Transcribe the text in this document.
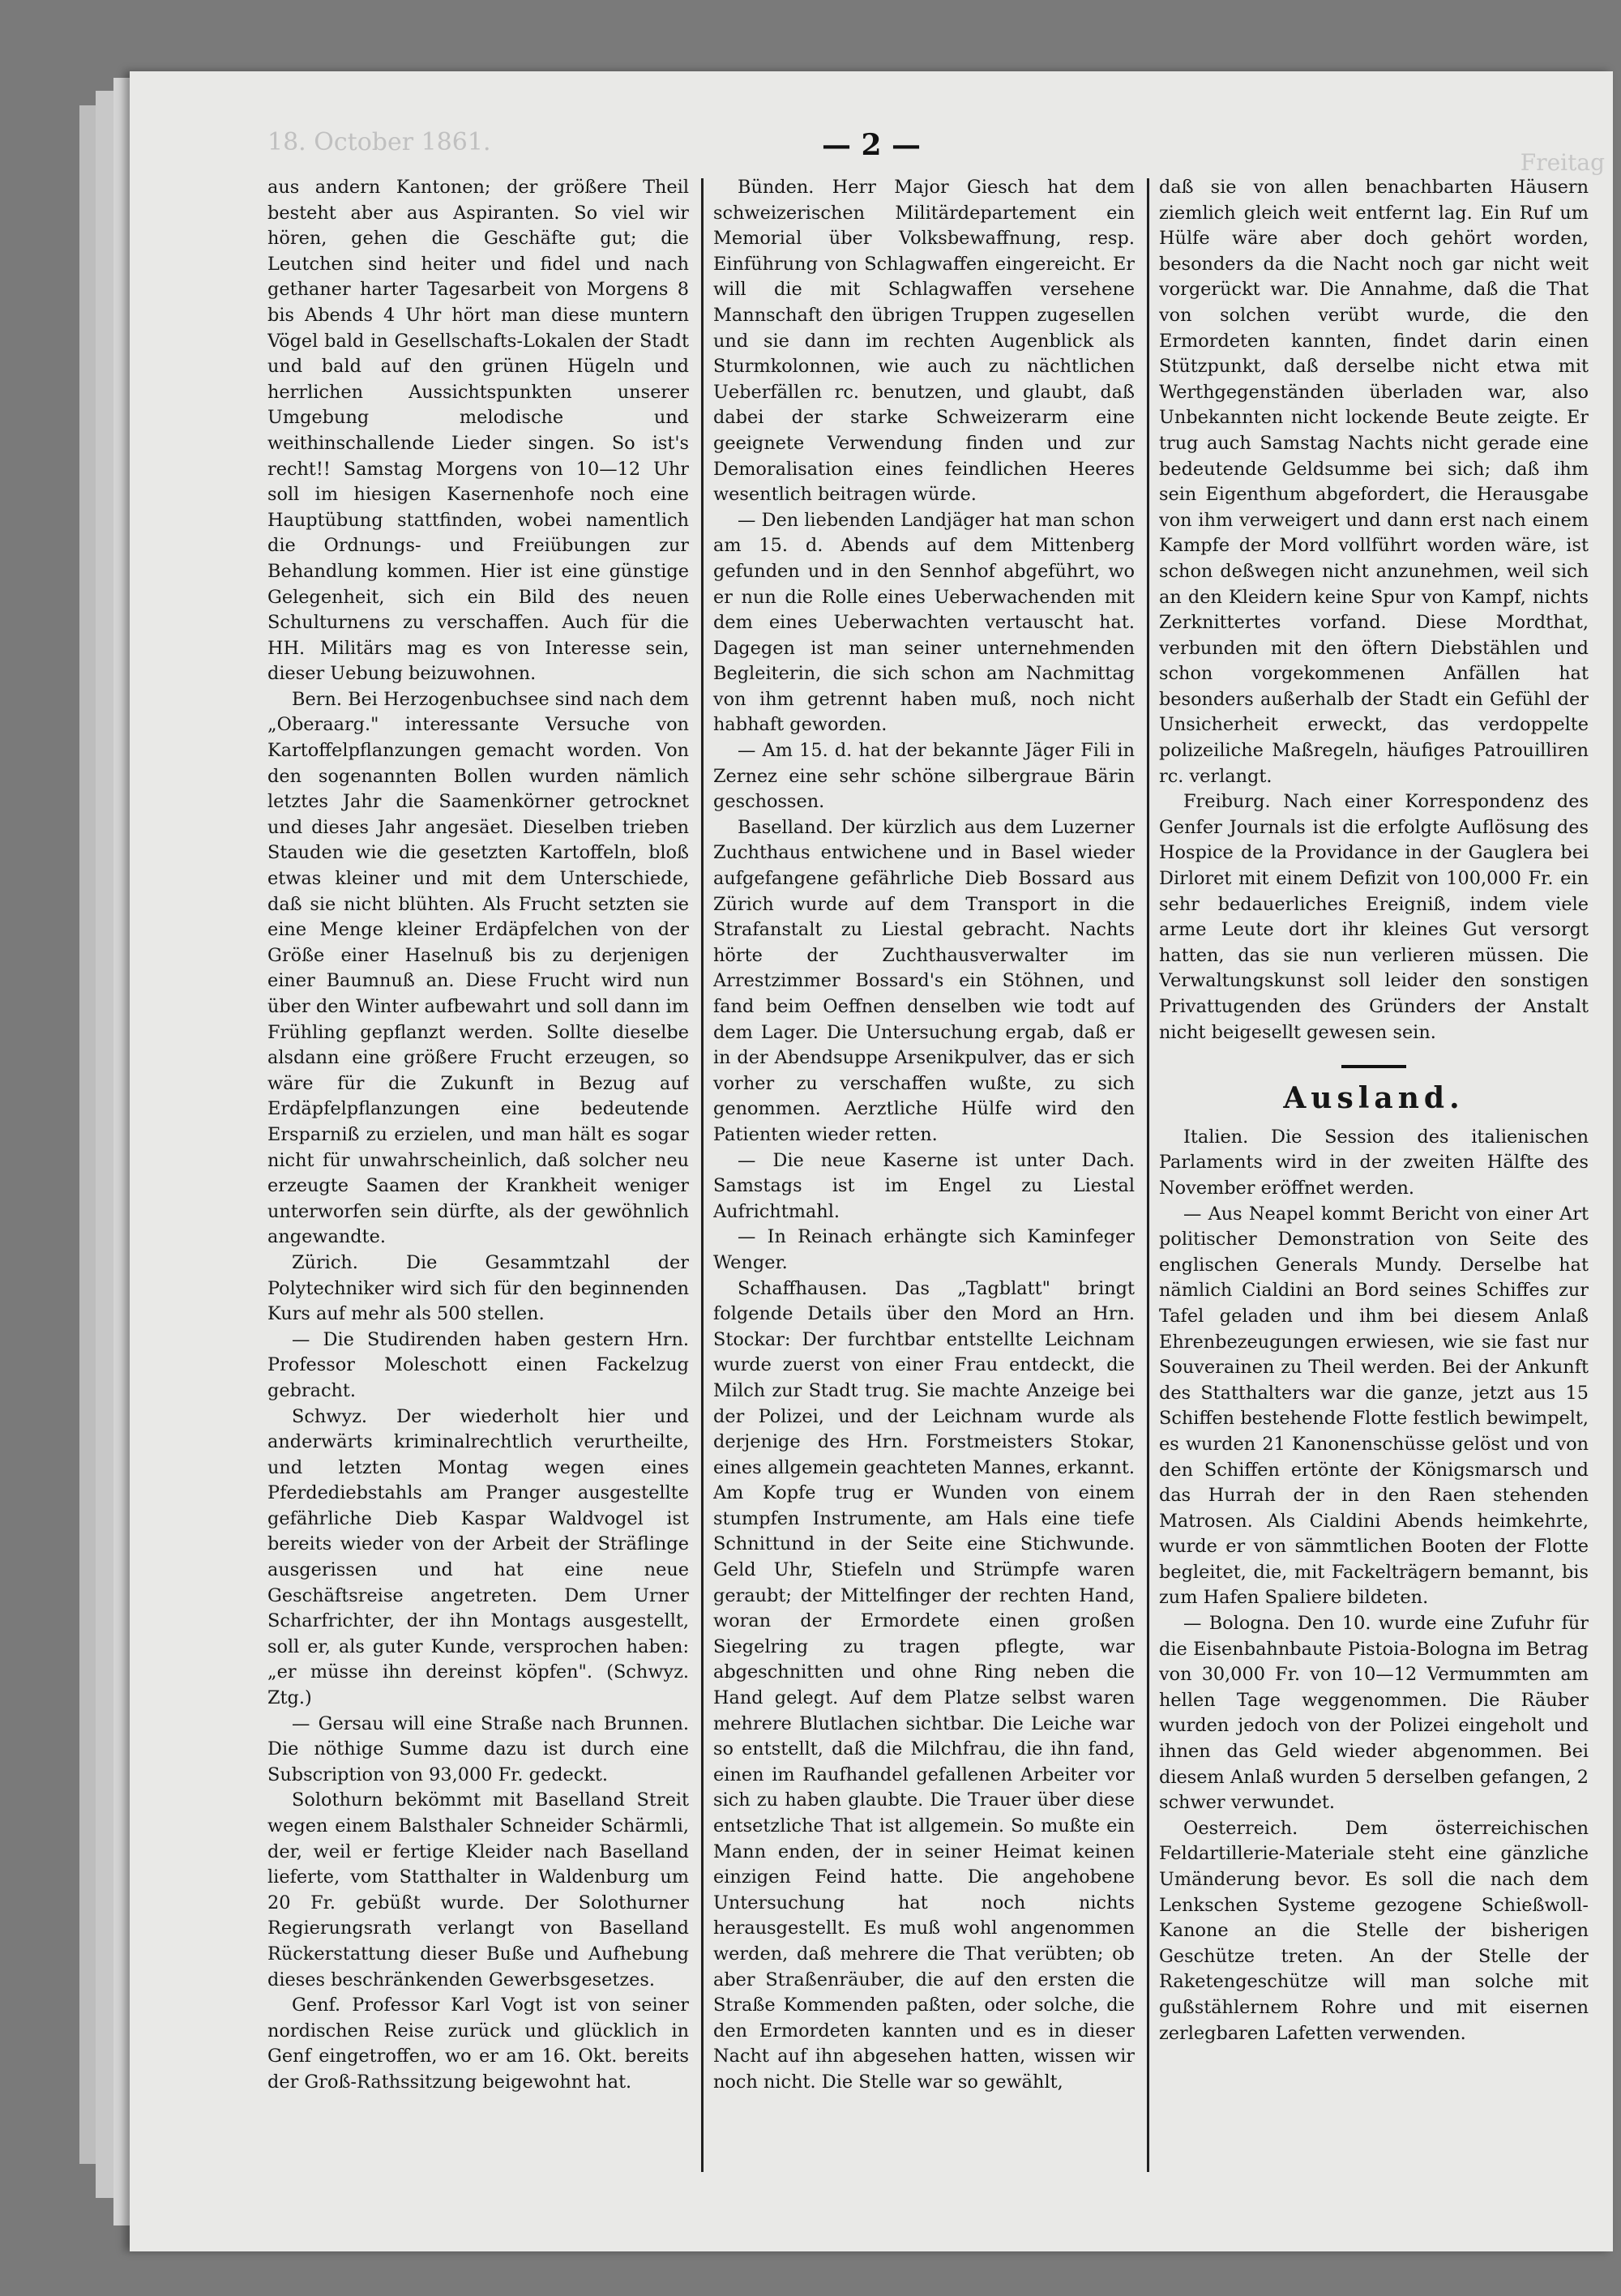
18. October 1861.	— 2 —
Freitag

aus andern Kantonen; der größere Theil besteht aber aus Aspiranten. So viel wir hören, gehen die Geschäfte gut; die Leutchen sind heiter und fidel und nach gethaner harter Tagesarbeit von Morgens 8 bis Abends 4 Uhr hört man diese muntern Vögel bald in Gesellschafts-Lokalen der Stadt und bald auf den grünen Hügeln und herrlichen Aussichtspunkten unserer Umgebung melodische und weithinschallende Lieder singen. So ist's recht!! Samstag Morgens von 10—12 Uhr soll im hiesigen Kasernenhofe noch eine Hauptübung stattfinden, wobei namentlich die Ordnungs- und Freiübungen zur Behandlung kommen. Hier ist eine günstige Gelegenheit, sich ein Bild des neuen Schulturnens zu verschaffen. Auch für die HH. Militärs mag es von Interesse sein, dieser Uebung beizuwohnen.

Bern. Bei Herzogenbuchsee sind nach dem „Oberaarg." interessante Versuche von Kartoffelpflanzungen gemacht worden. Von den sogenannten Bollen wurden nämlich letztes Jahr die Saamenkörner getrocknet und dieses Jahr angesäet. Dieselben trieben Stauden wie die gesetzten Kartoffeln, bloß etwas kleiner und mit dem Unterschiede, daß sie nicht blühten. Als Frucht setzten sie eine Menge kleiner Erdäpfelchen von der Größe einer Haselnuß bis zu derjenigen einer Baumnuß an. Diese Frucht wird nun über den Winter aufbewahrt und soll dann im Frühling gepflanzt werden. Sollte dieselbe alsdann eine größere Frucht erzeugen, so wäre für die Zukunft in Bezug auf Erdäpfelpflanzungen eine bedeutende Ersparniß zu erzielen, und man hält es sogar nicht für unwahrscheinlich, daß solcher neu erzeugte Saamen der Krankheit weniger unterworfen sein dürfte, als der gewöhnlich angewandte.

Zürich. Die Gesammtzahl der Polytechniker wird sich für den beginnenden Kurs auf mehr als 500 stellen.

— Die Studirenden haben gestern Hrn. Professor Moleschott einen Fackelzug gebracht.

Schwyz. Der wiederholt hier und anderwärts kriminalrechtlich verurtheilte, und letzten Montag wegen eines Pferdediebstahls am Pranger ausgestellte gefährliche Dieb Kaspar Waldvogel ist bereits wieder von der Arbeit der Sträflinge ausgerissen und hat eine neue Geschäftsreise angetreten. Dem Urner Scharfrichter, der ihn Montags ausgestellt, soll er, als guter Kunde, versprochen haben: „er müsse ihn dereinst köpfen". (Schwyz. Ztg.)

— Gersau will eine Straße nach Brunnen. Die nöthige Summe dazu ist durch eine Subscription von 93,000 Fr. gedeckt.

Solothurn bekömmt mit Baselland Streit wegen einem Balsthaler Schneider Schärmli, der, weil er fertige Kleider nach Baselland lieferte, vom Statthalter in Waldenburg um 20 Fr. gebüßt wurde. Der Solothurner Regierungsrath verlangt von Baselland Rückerstattung dieser Buße und Aufhebung dieses beschränkenden Gewerbsgesetzes.

Genf. Professor Karl Vogt ist von seiner nordischen Reise zurück und glücklich in Genf eingetroffen, wo er am 16. Okt. bereits der Groß-Rathssitzung beigewohnt hat.

Bünden. Herr Major Giesch hat dem schweizerischen Militärdepartement ein Memorial über Volksbewaffnung, resp. Einführung von Schlagwaffen eingereicht. Er will die mit Schlagwaffen versehene Mannschaft den übrigen Truppen zugesellen und sie dann im rechten Augenblick als Sturmkolonnen, wie auch zu nächtlichen Ueberfällen rc. benutzen, und glaubt, daß dabei der starke Schweizerarm eine geeignete Verwendung finden und zur Demoralisation eines feindlichen Heeres wesentlich beitragen würde.

— Den liebenden Landjäger hat man schon am 15. d. Abends auf dem Mittenberg gefunden und in den Sennhof abgeführt, wo er nun die Rolle eines Ueberwachenden mit dem eines Ueberwachten vertauscht hat. Dagegen ist man seiner unternehmenden Begleiterin, die sich schon am Nachmittag von ihm getrennt haben muß, noch nicht habhaft geworden.

— Am 15. d. hat der bekannte Jäger Fili in Zernez eine sehr schöne silbergraue Bärin geschossen.

Baselland. Der kürzlich aus dem Luzerner Zuchthaus entwichene und in Basel wieder aufgefangene gefährliche Dieb Bossard aus Zürich wurde auf dem Transport in die Strafanstalt zu Liestal gebracht. Nachts hörte der Zuchthausverwalter im Arrestzimmer Bossard's ein Stöhnen, und fand beim Oeffnen denselben wie todt auf dem Lager. Die Untersuchung ergab, daß er in der Abendsuppe Arsenikpulver, das er sich vorher zu verschaffen wußte, zu sich genommen. Aerztliche Hülfe wird den Patienten wieder retten.

— Die neue Kaserne ist unter Dach. Samstags ist im Engel zu Liestal Aufrichtmahl.

— In Reinach erhängte sich Kaminfeger Wenger.

Schaffhausen. Das „Tagblatt" bringt folgende Details über den Mord an Hrn. Stockar: Der furchtbar entstellte Leichnam wurde zuerst von einer Frau entdeckt, die Milch zur Stadt trug. Sie machte Anzeige bei der Polizei, und der Leichnam wurde als derjenige des Hrn. Forstmeisters Stokar, eines allgemein geachteten Mannes, erkannt. Am Kopfe trug er Wunden von einem stumpfen Instrumente, am Hals eine tiefe Schnittund in der Seite eine Stichwunde. Geld Uhr, Stiefeln und Strümpfe waren geraubt; der Mittelfinger der rechten Hand, woran der Ermordete einen großen Siegelring zu tragen pflegte, war abgeschnitten und ohne Ring neben die Hand gelegt. Auf dem Platze selbst waren mehrere Blutlachen sichtbar. Die Leiche war so entstellt, daß die Milchfrau, die ihn fand, einen im Raufhandel gefallenen Arbeiter vor sich zu haben glaubte. Die Trauer über diese entsetzliche That ist allgemein. So mußte ein Mann enden, der in seiner Heimat keinen einzigen Feind hatte. Die angehobene Untersuchung hat noch nichts herausgestellt. Es muß wohl angenommen werden, daß mehrere die That verübten; ob aber Straßenräuber, die auf den ersten die Straße Kommenden paßten, oder solche, die den Ermordeten kannten und es in dieser Nacht auf ihn abgesehen hatten, wissen wir noch nicht. Die Stelle war so gewählt,

daß sie von allen benachbarten Häusern ziemlich gleich weit entfernt lag. Ein Ruf um Hülfe wäre aber doch gehört worden, besonders da die Nacht noch gar nicht weit vorgerückt war. Die Annahme, daß die That von solchen verübt wurde, die den Ermordeten kannten, findet darin einen Stützpunkt, daß derselbe nicht etwa mit Werthgegenständen überladen war, also Unbekannten nicht lockende Beute zeigte. Er trug auch Samstag Nachts nicht gerade eine bedeutende Geldsumme bei sich; daß ihm sein Eigenthum abgefordert, die Herausgabe von ihm verweigert und dann erst nach einem Kampfe der Mord vollführt worden wäre, ist schon deßwegen nicht anzunehmen, weil sich an den Kleidern keine Spur von Kampf, nichts Zerknittertes vorfand. Diese Mordthat, verbunden mit den öftern Diebstählen und schon vorgekommenen Anfällen hat besonders außerhalb der Stadt ein Gefühl der Unsicherheit erweckt, das verdoppelte polizeiliche Maßregeln, häufiges Patrouilliren rc. verlangt.

Freiburg. Nach einer Korrespondenz des Genfer Journals ist die erfolgte Auflösung des Hospice de la Providance in der Gauglera bei Dirloret mit einem Defizit von 100,000 Fr. ein sehr bedauerliches Ereigniß, indem viele arme Leute dort ihr kleines Gut versorgt hatten, das sie nun verlieren müssen. Die Verwaltungskunst soll leider den sonstigen Privattugenden des Gründers der Anstalt nicht beigesellt gewesen sein.

Ausland.

Italien. Die Session des italienischen Parlaments wird in der zweiten Hälfte des November eröffnet werden.

— Aus Neapel kommt Bericht von einer Art politischer Demonstration von Seite des englischen Generals Mundy. Derselbe hat nämlich Cialdini an Bord seines Schiffes zur Tafel geladen und ihm bei diesem Anlaß Ehrenbezeugungen erwiesen, wie sie fast nur Souverainen zu Theil werden. Bei der Ankunft des Statthalters war die ganze, jetzt aus 15 Schiffen bestehende Flotte festlich bewimpelt, es wurden 21 Kanonenschüsse gelöst und von den Schiffen ertönte der Königsmarsch und das Hurrah der in den Raen stehenden Matrosen. Als Cialdini Abends heimkehrte, wurde er von sämmtlichen Booten der Flotte begleitet, die, mit Fackelträgern bemannt, bis zum Hafen Spaliere bildeten.

— Bologna. Den 10. wurde eine Zufuhr für die Eisenbahnbaute Pistoia-Bologna im Betrag von 30,000 Fr. von 10—12 Vermummten am hellen Tage weggenommen. Die Räuber wurden jedoch von der Polizei eingeholt und ihnen das Geld wieder abgenommen. Bei diesem Anlaß wurden 5 derselben gefangen, 2 schwer verwundet.

Oesterreich. Dem österreichischen Feldartillerie-Materiale steht eine gänzliche Umänderung bevor. Es soll die nach dem Lenkschen Systeme gezogene Schießwoll-Kanone an die Stelle der bisherigen Geschütze treten. An der Stelle der Raketengeschütze will man solche mit gußstählernem Rohre und mit eisernen zerlegbaren Lafetten verwenden.
